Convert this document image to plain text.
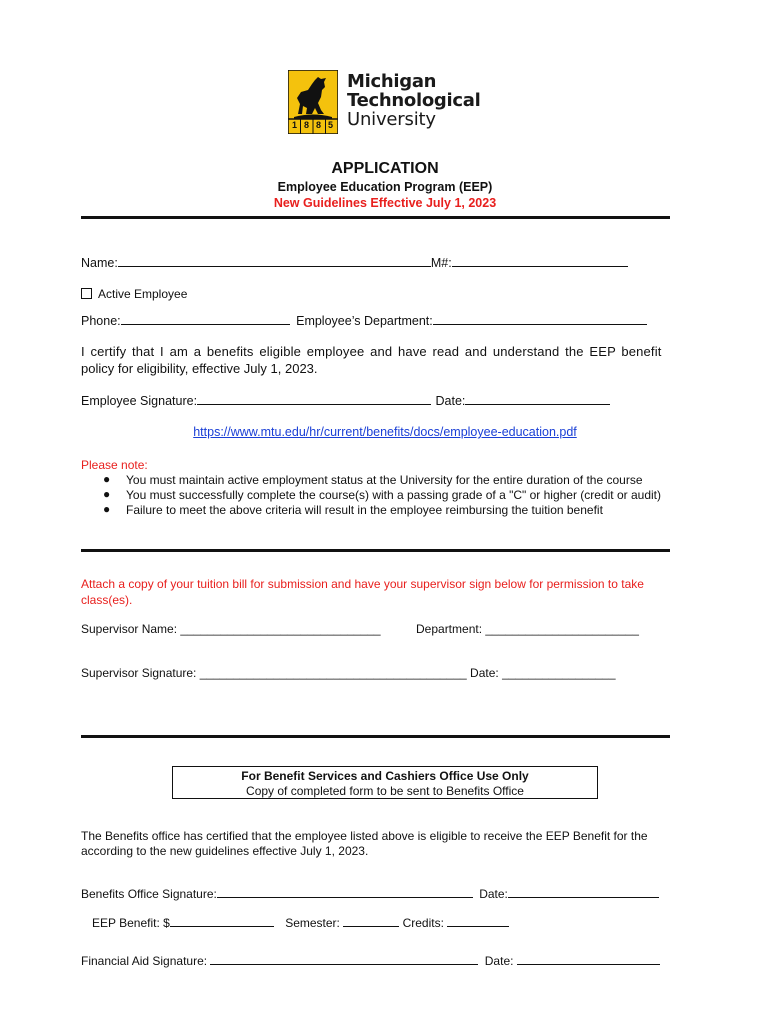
1885
Michigan
Technological
University
APPLICATION
Employee Education Program (EEP)
New Guidelines Effective July 1, 2023
Name:	M#:
Active Employee
Phone:	Employee’s Department:
I certify that I am a benefits eligible employee and have read and understand the EEP benefit
policy for eligibility, effective July 1, 2023.
Employee Signature:	Date:
https://www.mtu.edu/hr/current/benefits/docs/employee-education.pdf
Please note:
● You must maintain active employment status at the University for the entire duration of the course
● You must successfully complete the course(s) with a passing grade of a "C" or higher (credit or audit)
● Failure to meet the above criteria will result in the employee reimbursing the tuition benefit
Attach a copy of your tuition bill for submission and have your supervisor sign below for permission to take
class(es).
Supervisor Name: ______________________________	Department: _______________________
Supervisor Signature: ________________________________________ Date: _________________
For Benefit Services and Cashiers Office Use Only
Copy of completed form to be sent to Benefits Office
The Benefits office has certified that the employee listed above is eligible to receive the EEP Benefit for the
according to the new guidelines effective July 1, 2023.
Benefits Office Signature:	Date:
EEP Benefit: $	Semester:	Credits:
Financial Aid Signature:	Date:
